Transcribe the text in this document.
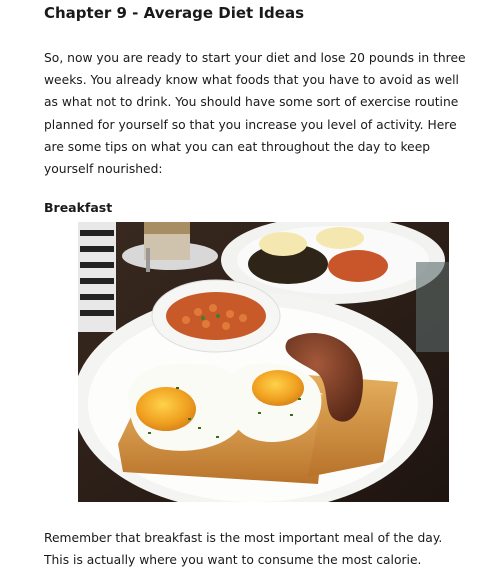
Chapter 9 - Average Diet Ideas

So, now you are ready to start your diet and lose 20 pounds in three weeks. You already know what foods that you have to avoid as well as what not to drink. You should have some sort of exercise routine planned for yourself so that you increase you level of activity. Here are some tips on what you can eat throughout the day to keep yourself nourished:

Breakfast

Remember that breakfast is the most important meal of the day. This is actually where you want to consume the most calorie.
